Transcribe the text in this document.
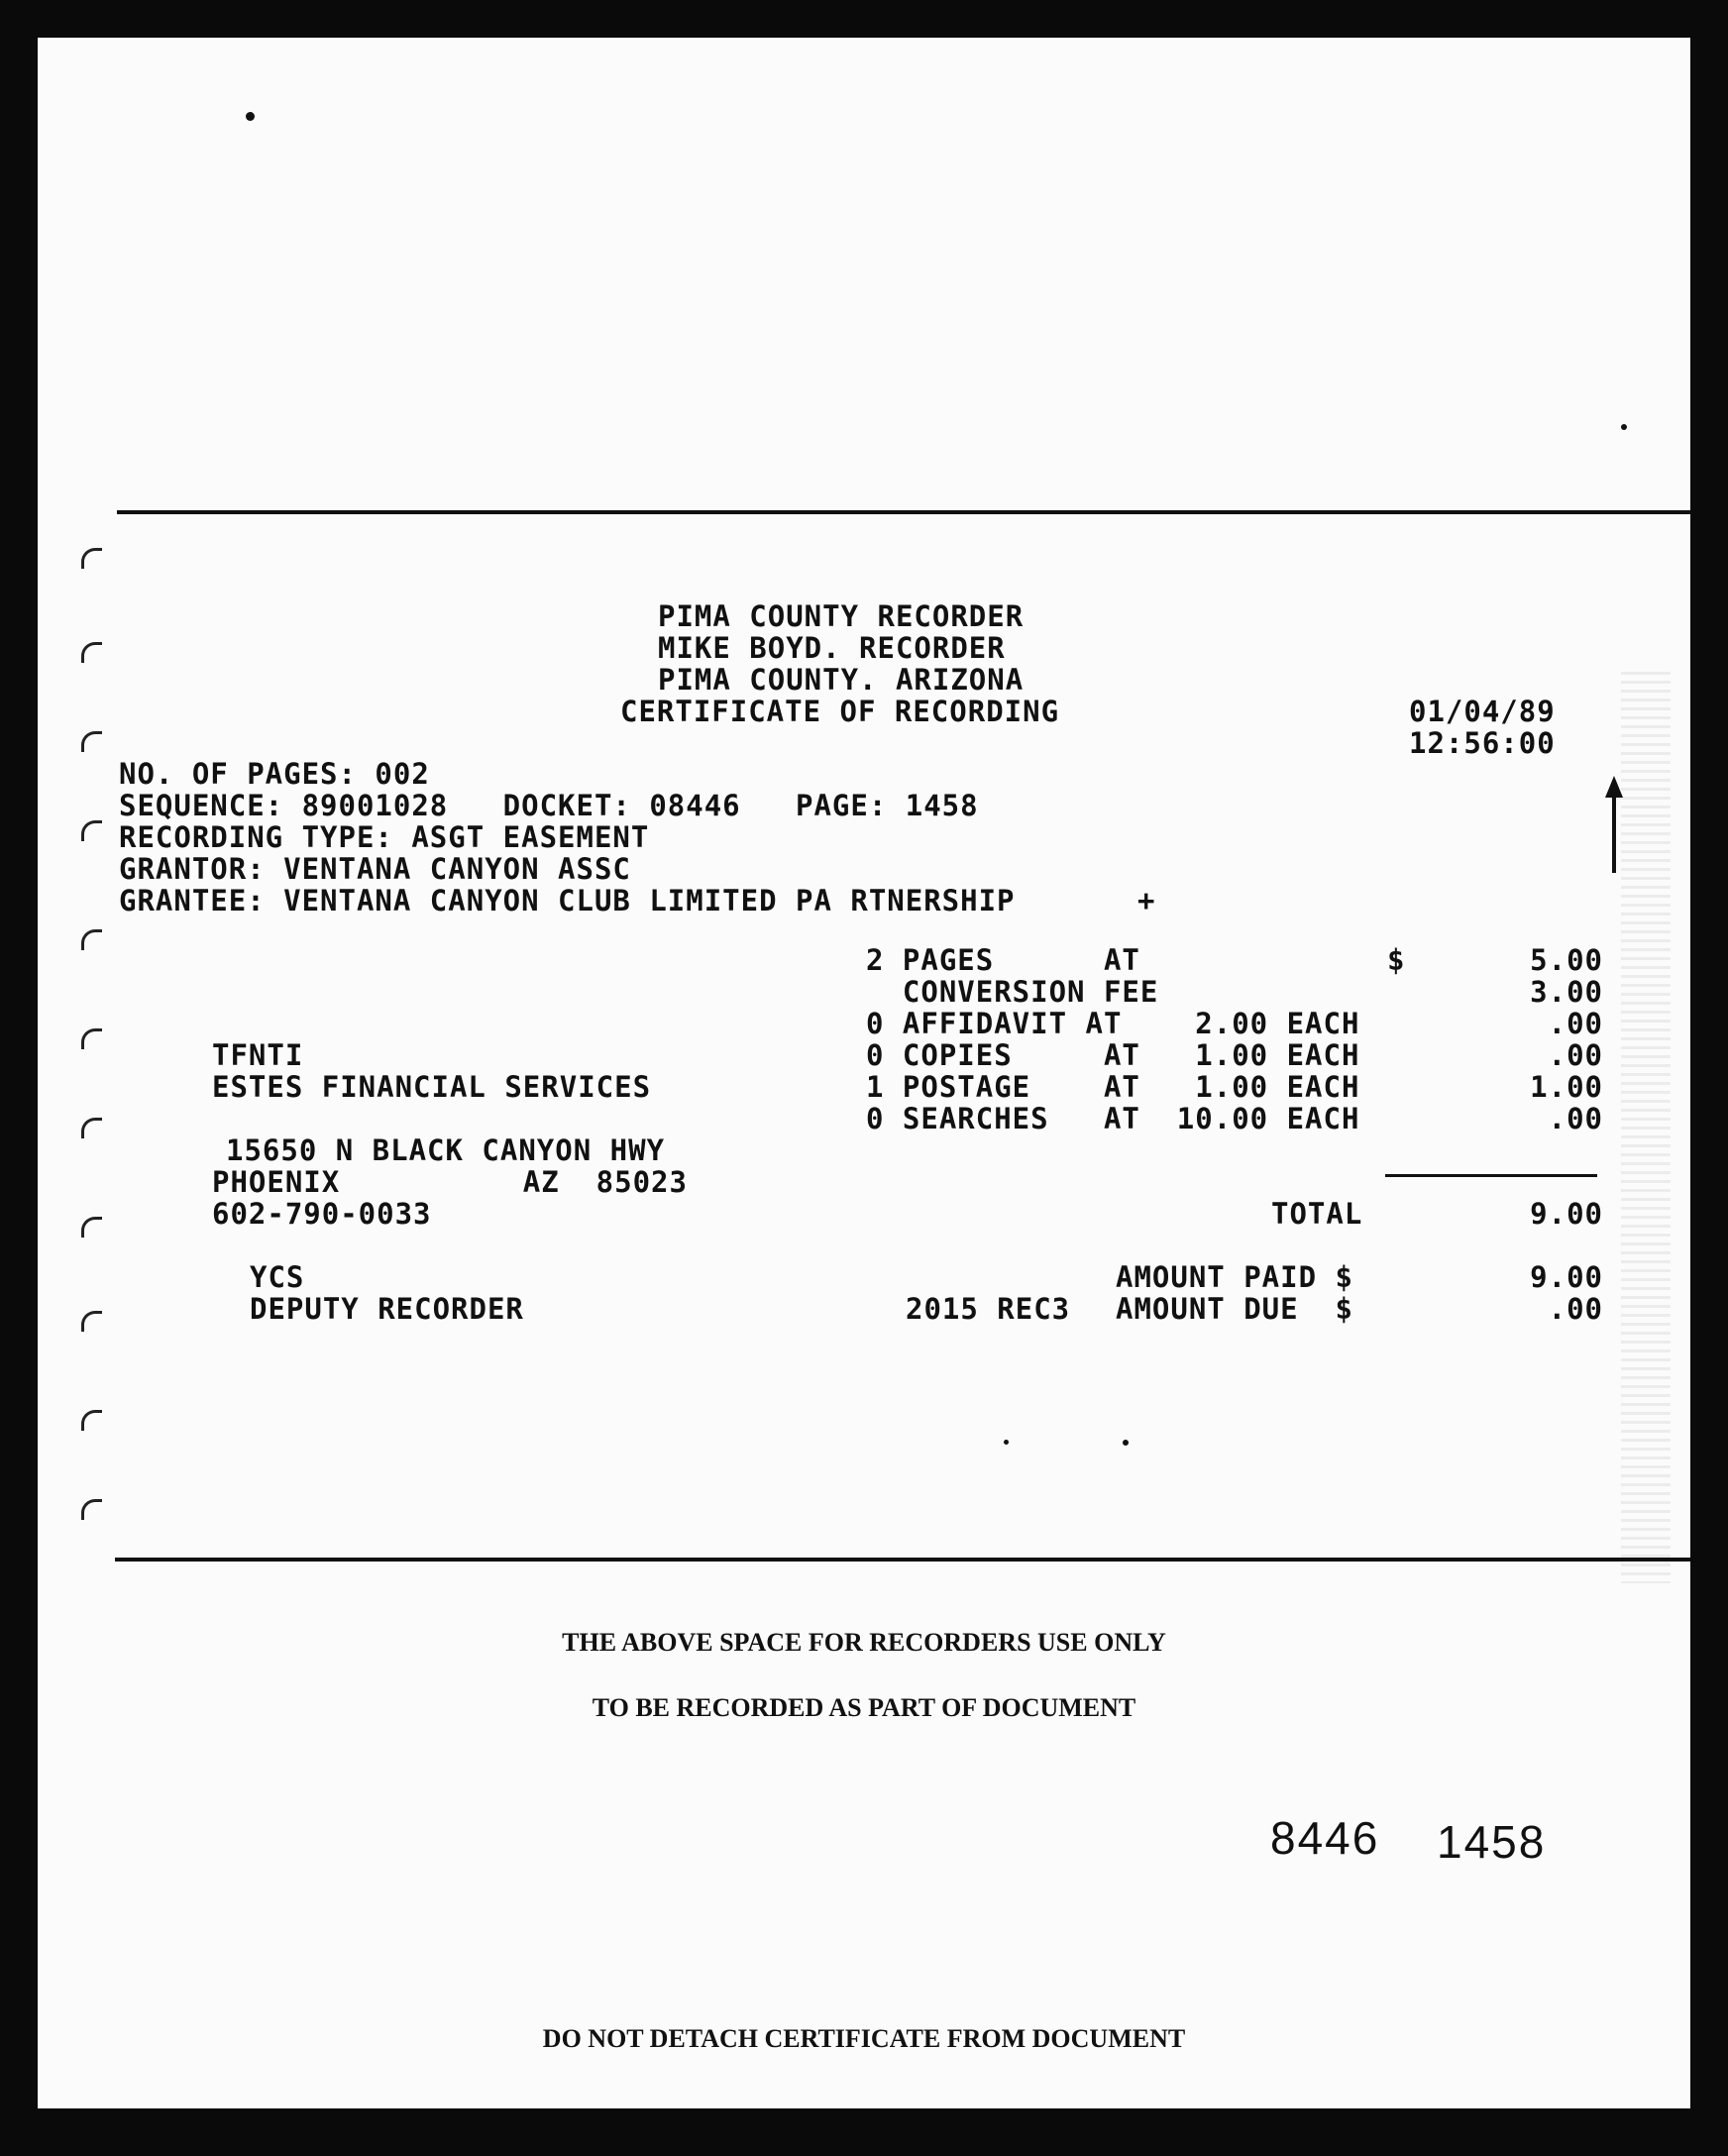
PIMA COUNTY RECORDER
MIKE BOYD. RECORDER
PIMA COUNTY. ARIZONA
CERTIFICATE OF RECORDING	01/04/89
12:56:00
NO. OF PAGES: 002
SEQUENCE: 89001028   DOCKET: 08446   PAGE: 1458
RECORDING TYPE: ASGT EASEMENT
GRANTOR: VENTANA CANYON ASSC
GRANTEE: VENTANA CANYON CLUB LIMITED PA RTNERSHIP	+
2 PAGES      AT	$	5.00
CONVERSION FEE	3.00
0 AFFIDAVIT AT    2.00 EACH	.00
0 COPIES     AT   1.00 EACH	.00
1 POSTAGE    AT   1.00 EACH	1.00
0 SEARCHES   AT  10.00 EACH	.00
TFNTI
ESTES FINANCIAL SERVICES
15650 N BLACK CANYON HWY
PHOENIX          AZ  85023
602-790-0033	TOTAL	9.00
YCS
DEPUTY RECORDER	2015 REC3
AMOUNT PAID $	9.00
AMOUNT DUE  $	.00
THE ABOVE SPACE FOR RECORDERS USE ONLY
TO BE RECORDED AS PART OF DOCUMENT
8446 1458
DO NOT DETACH CERTIFICATE FROM DOCUMENT
